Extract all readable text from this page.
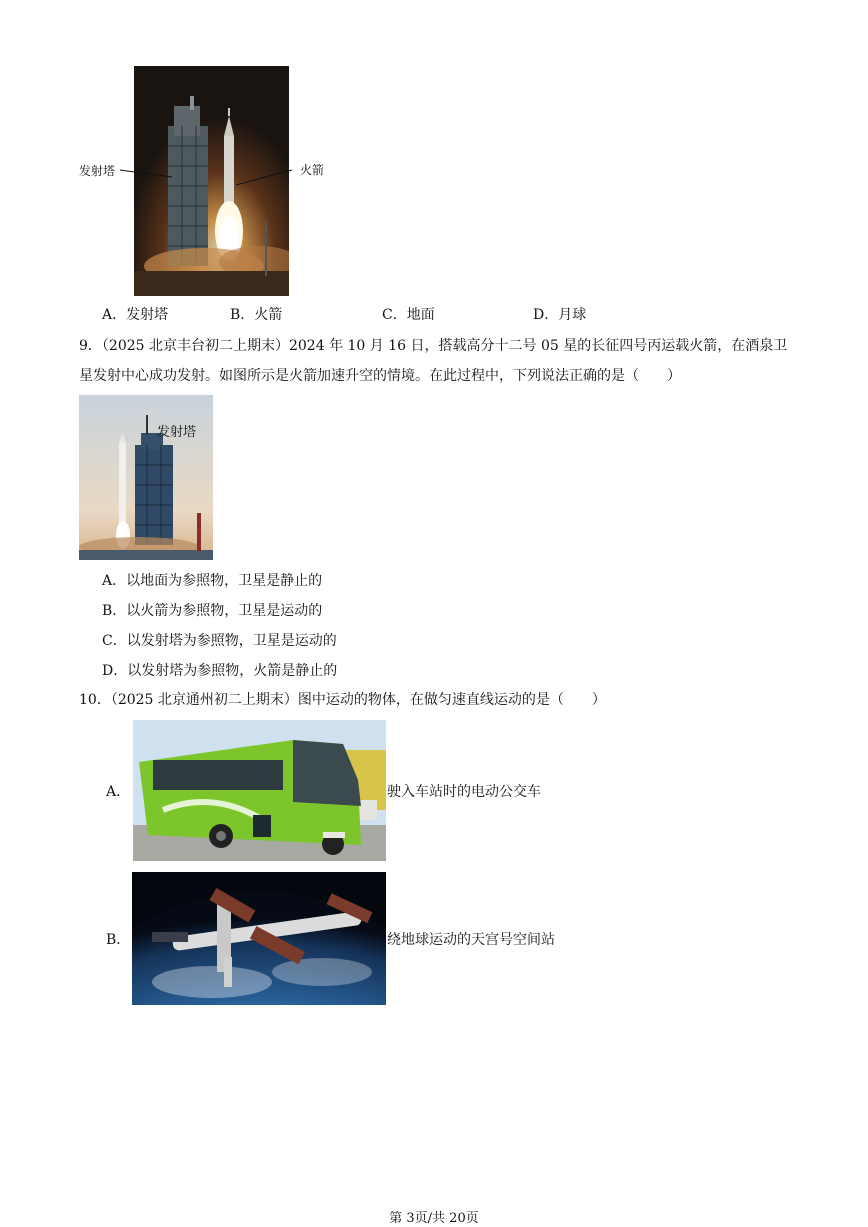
发射塔	火箭
A．发射塔	B．火箭	C．地面	D．月球
9．（2025 北京丰台初二上期末）2024 年 10 月 16 日，搭载高分十二号 05 星的长征四号丙运载火箭，在酒泉卫星发射中心成功发射。如图所示是火箭加速升空的情境。在此过程中，下列说法正确的是（　　）
发射塔
A．以地面为参照物，卫星是静止的
B．以火箭为参照物，卫星是运动的
C．以发射塔为参照物，卫星是运动的
D．以发射塔为参照物，火箭是静止的
10．（2025 北京通州初二上期末）图中运动的物体，在做匀速直线运动的是（　　）
A．	驶入车站时的电动公交车
B．	绕地球运动的天宫号空间站
第 3页/共 20页
